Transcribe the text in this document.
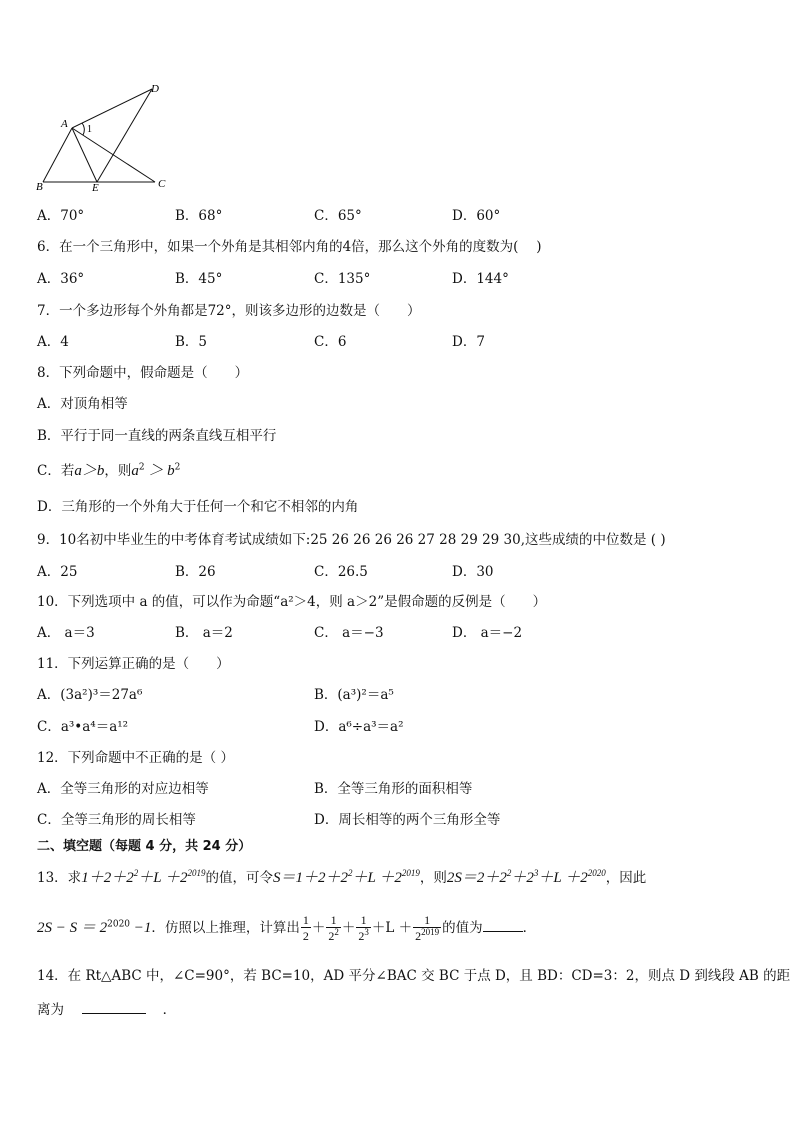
A
D
1
B	E	C
A．70°	B．68°	C．65°	D．60°
6．在一个三角形中，如果一个外角是其相邻内角的4倍，那么这个外角的度数为(　 )
A．36°	B．45°	C．135°	D．144°
7．一个多边形每个外角都是72°，则该多边形的边数是（　　）
A．4	B．5	C．6	D．7
8．下列命题中，假命题是（　　）
A．对顶角相等
B．平行于同一直线的两条直线互相平行
C．若a＞b，则$a^2 > b^2$
D．三角形的一个外角大于任何一个和它不相邻的内角
9．10名初中毕业生的中考体育考试成绩如下:25 26 26 26 26 27 28 29 29 30,这些成绩的中位数是 ( )
A．25	B．26	C．26.5	D．30
10．下列选项中 a 的值，可以作为命题“a²＞4，则 a＞2”是假命题的反例是（　　）
A． a＝3	B． a＝2	C． a＝−3	D． a＝−2
11．下列运算正确的是（　　）
A．(3a²)³＝27a⁶	B．(a³)²＝a⁵
C．a³•a⁴＝a¹²	D．a⁶÷a³＝a²
12．下列命题中不正确的是（ ）
A．全等三角形的对应边相等	B．全等三角形的面积相等
C．全等三角形的周长相等	D．周长相等的两个三角形全等
二、填空题（每题 4 分，共 24 分）
13．求$1+2+2^2+L +2^{2019}$的值，可令$S=1+2+2^2+L +2^{2019}$，则$2S=2+2^2+2^3+L +2^{2020}$，因此
$2S - S = 2^{2020} -1$．仿照以上推理，计算出 $\frac{1}{2} + \frac{1}{2^2} + \frac{1}{2^3} +L + \frac{1}{2^{2019}}$ 的值为	．
14．在 Rt△ABC 中，∠C=90°，若 BC=10，AD 平分∠BAC 交 BC 于点 D，且 BD：CD=3：2，则点 D 到线段 AB 的距
离为	．
